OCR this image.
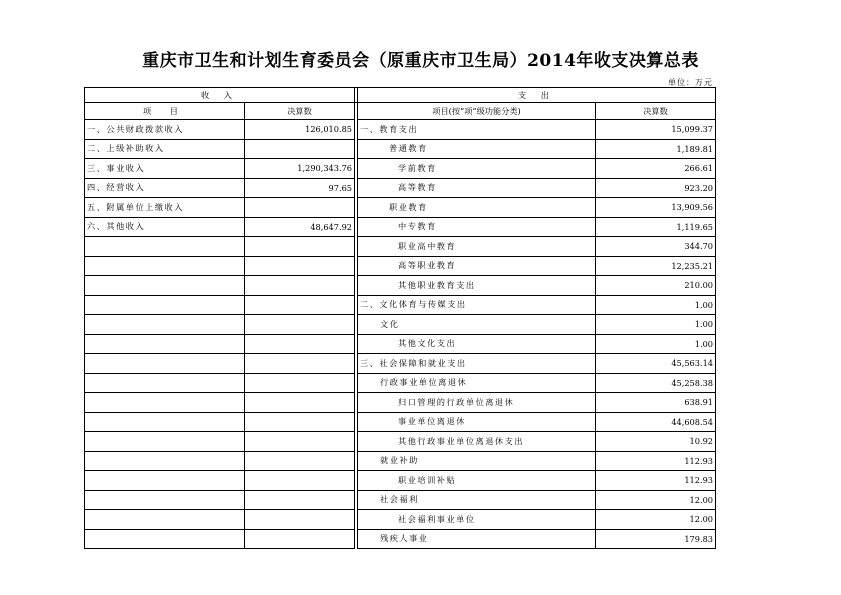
重庆市卫生和计划生育委员会（原重庆市卫生局）2014年收支决算总表
单位：万元
收 入			支 出	
项 目	决算数		项目(按“项”级功能分类)	决算数
一、公共财政拨款收入	126,010.85		一、教育支出	15,099.37
二、上级补助收入			普通教育	1,189.81
三、事业收入	1,290,343.76		学前教育	266.61
四、经营收入	97.65		高等教育	923.20
五、附属单位上缴收入			职业教育	13,909.56
六、其他收入	48,647.92		中专教育	1,119.65
			职业高中教育	344.70
			高等职业教育	12,235.21
			其他职业教育支出	210.00
			二、文化体育与传媒支出	1.00
			文化	1.00
			其他文化支出	1.00
			三、社会保障和就业支出	45,563.14
			行政事业单位离退休	45,258.38
			归口管理的行政单位离退休	638.91
			事业单位离退休	44,608.54
			其他行政事业单位离退休支出	10.92
			就业补助	112.93
			职业培训补贴	112.93
			社会福利	12.00
			社会福利事业单位	12.00
			残疾人事业	179.83
